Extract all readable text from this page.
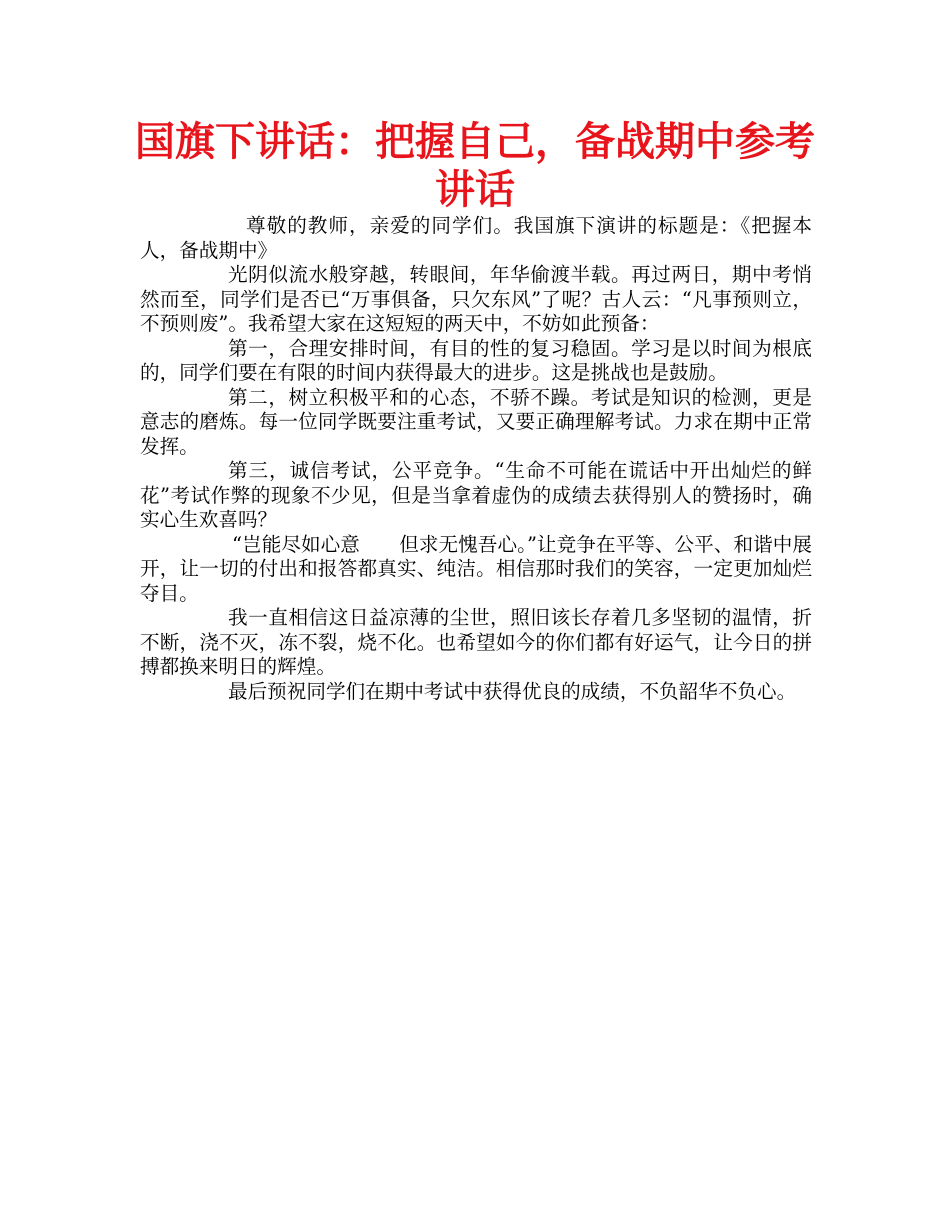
国旗下讲话：把握自己，备战期中参考讲话

尊敬的教师，亲爱的同学们。我国旗下演讲的标题是：《把握本人，备战期中》

光阴似流水般穿越，转眼间，年华偷渡半载。再过两日，期中考悄然而至，同学们是否已“万事俱备，只欠东风”了呢？古人云：“凡事预则立，不预则废”。我希望大家在这短短的两天中，不妨如此预备：

第一，合理安排时间，有目的性的复习稳固。学习是以时间为根底的，同学们要在有限的时间内获得最大的进步。这是挑战也是鼓励。

第二，树立积极平和的心态，不骄不躁。考试是知识的检测，更是意志的磨炼。每一位同学既要注重考试，又要正确理解考试。力求在期中正常发挥。

第三，诚信考试，公平竞争。“生命不可能在谎话中开出灿烂的鲜花”考试作弊的现象不少见，但是当拿着虚伪的成绩去获得别人的赞扬时，确实心生欢喜吗？

“岂能尽如心意　　但求无愧吾心。”让竞争在平等、公平、和谐中展开，让一切的付出和报答都真实、纯洁。相信那时我们的笑容，一定更加灿烂夺目。

我一直相信这日益凉薄的尘世，照旧该长存着几多坚韧的温情，折不断，浇不灭，冻不裂，烧不化。也希望如今的你们都有好运气，让今日的拼搏都换来明日的辉煌。

最后预祝同学们在期中考试中获得优良的成绩，不负韶华不负心。
